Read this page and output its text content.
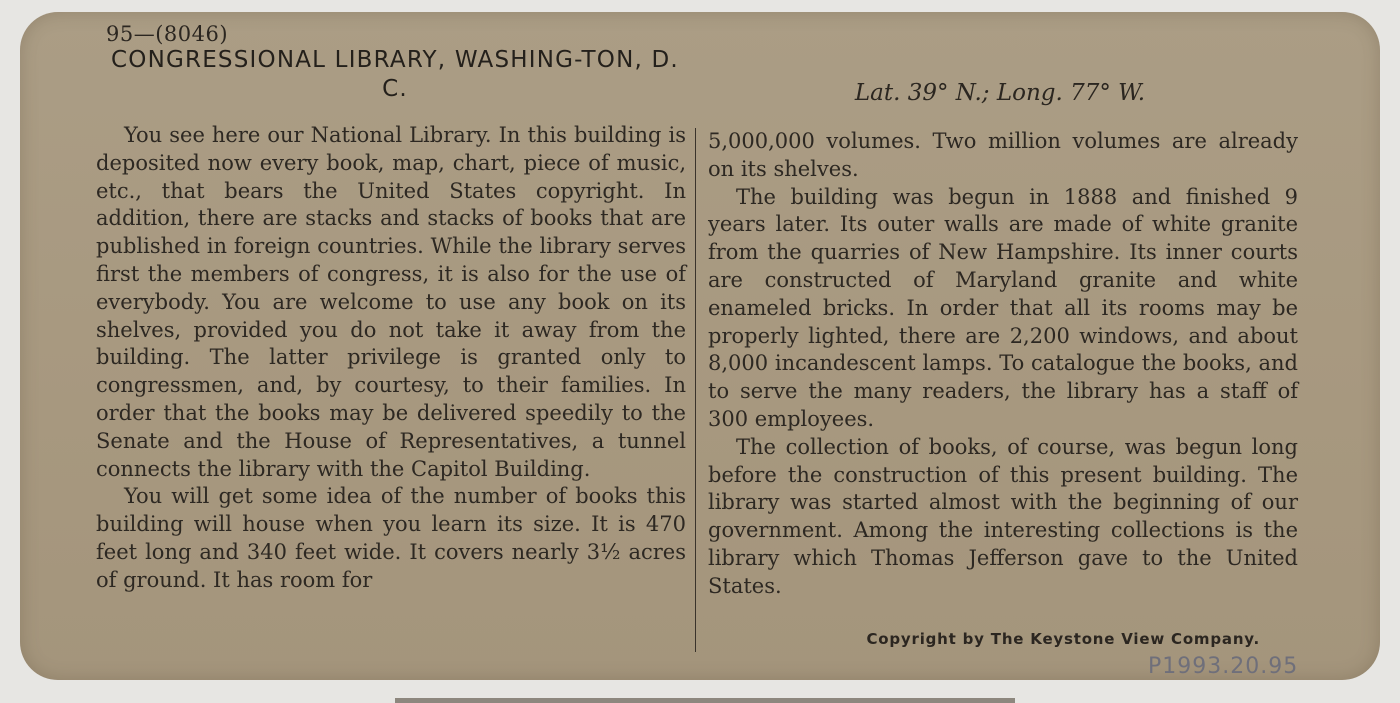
95—(8046)
CONGRESSIONAL LIBRARY, WASHING-TON, D. C.	Lat. 39° N.; Long. 77° W.

You see here our National Library. In this building is deposited now every book, map, chart, piece of music, etc., that bears the United States copyright. In addition, there are stacks and stacks of books that are published in foreign countries. While the library serves first the members of congress, it is also for the use of everybody. You are welcome to use any book on its shelves, provided you do not take it away from the building. The latter privilege is granted only to congressmen, and, by courtesy, to their families. In order that the books may be delivered speedily to the Senate and the House of Representatives, a tunnel connects the library with the Capitol Building.

You will get some idea of the number of books this building will house when you learn its size. It is 470 feet long and 340 feet wide. It covers nearly 3½ acres of ground. It has room for

5,000,000 volumes. Two million volumes are already on its shelves.

The building was begun in 1888 and finished 9 years later. Its outer walls are made of white granite from the quarries of New Hampshire. Its inner courts are constructed of Maryland granite and white enameled bricks. In order that all its rooms may be properly lighted, there are 2,200 windows, and about 8,000 incandescent lamps. To catalogue the books, and to serve the many readers, the library has a staff of 300 employees.

The collection of books, of course, was begun long before the construction of this present building. The library was started almost with the beginning of our government. Among the interesting collections is the library which Thomas Jefferson gave to the United States.

Copyright by The Keystone View Company.
P1993.20.95
